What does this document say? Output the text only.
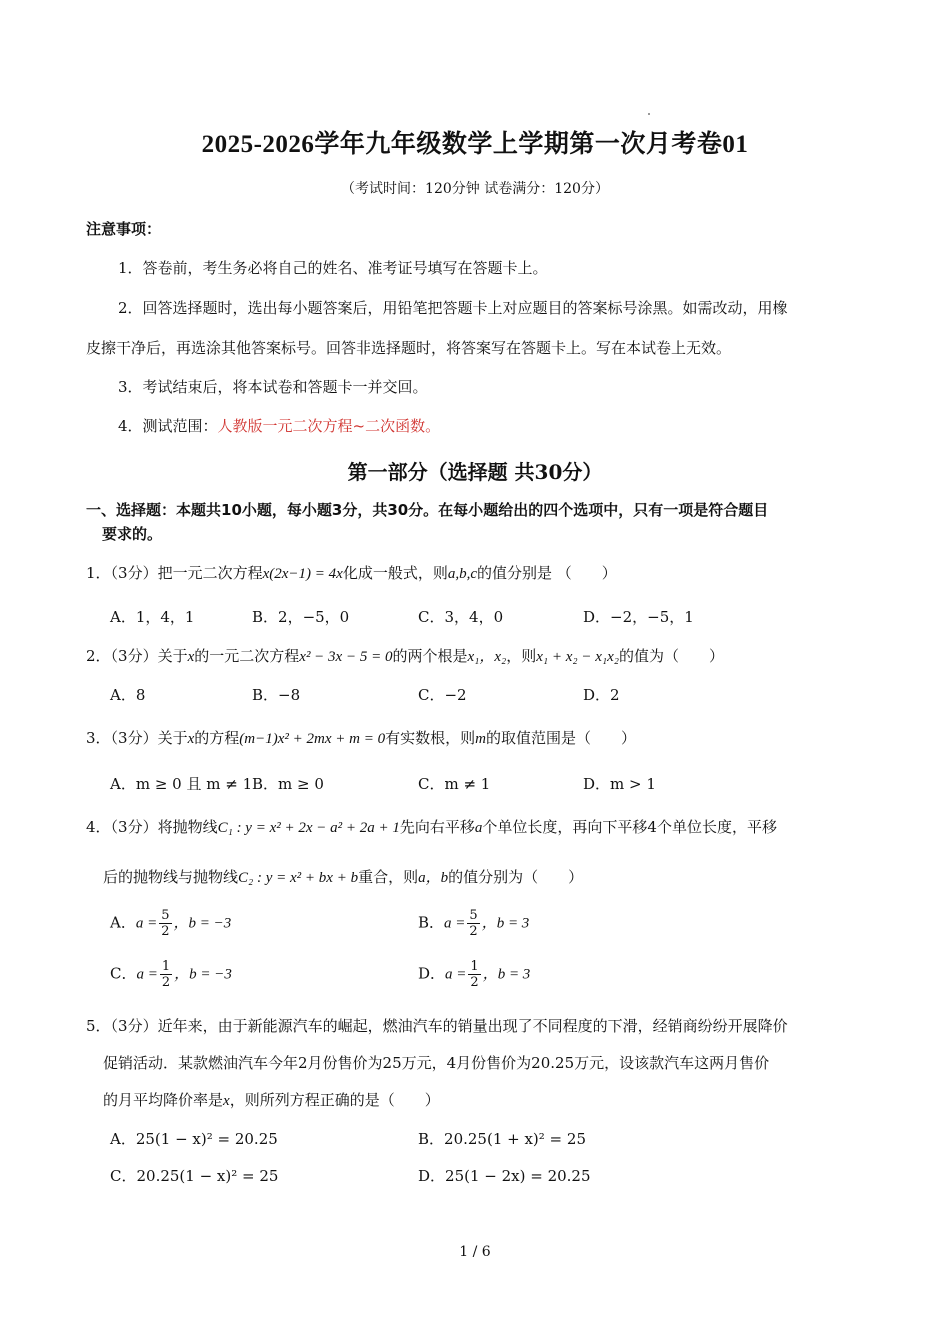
2025-2026学年九年级数学上学期第一次月考卷01
（考试时间：120分钟 试卷满分：120分）
注意事项：
1．答卷前，考生务必将自己的姓名、准考证号填写在答题卡上。
2．回答选择题时，选出每小题答案后，用铅笔把答题卡上对应题目的答案标号涂黑。如需改动，用橡
皮擦干净后，再选涂其他答案标号。回答非选择题时，将答案写在答题卡上。写在本试卷上无效。
3．考试结束后，将本试卷和答题卡一并交回。
4．测试范围：人教版一元二次方程~二次函数。
第一部分（选择题 共30分）
一、选择题：本题共10小题，每小题3分，共30分。在每小题给出的四个选项中，只有一项是符合题目
要求的。
1．（3分）把一元二次方程x(2x−1) = 4x化成一般式，则a,b,c的值分别是 （　　）
A．1，4，1	B．2，−5，0	C．3，4，0	D．−2，−5，1
2．（3分）关于x的一元二次方程x² − 3x − 5 = 0的两个根是x₁，x₂，则x₁ + x₂ − x₁x₂的值为（　　）
A．8	B．−8	C．−2	D．2
3．（3分）关于x的方程(m−1)x² + 2mx + m = 0有实数根，则m的取值范围是（　　）
A．m ≥ 0 且 m ≠ 1 B．m ≥ 0	C．m ≠ 1	D．m > 1
4．（3分）将抛物线C₁ : y = x² + 2x − a² + 2a + 1先向右平移a个单位长度，再向下平移4个单位长度，平移
后的抛物线与抛物线C₂ : y = x² + bx + b重合，则a，b的值分别为（　　）
A．$a = \frac{5}{2}$ ，b = −3	B．$a = \frac{5}{2}$ ，b = 3
C．$a = \frac{1}{2}$ ，b = −3	D．$a = \frac{1}{2}$ ，b = 3
5．（3分）近年来，由于新能源汽车的崛起，燃油汽车的销量出现了不同程度的下滑，经销商纷纷开展降价
促销活动．某款燃油汽车今年2月份售价为25万元，4月份售价为20.25万元，设该款汽车这两月售价
的月平均降价率是x，则所列方程正确的是（　　）
A．25(1 − x)² = 20.25	B．20.25(1 + x)² = 25
C．20.25(1 − x)² = 25	D．25(1 − 2x) = 20.25
1 / 6
